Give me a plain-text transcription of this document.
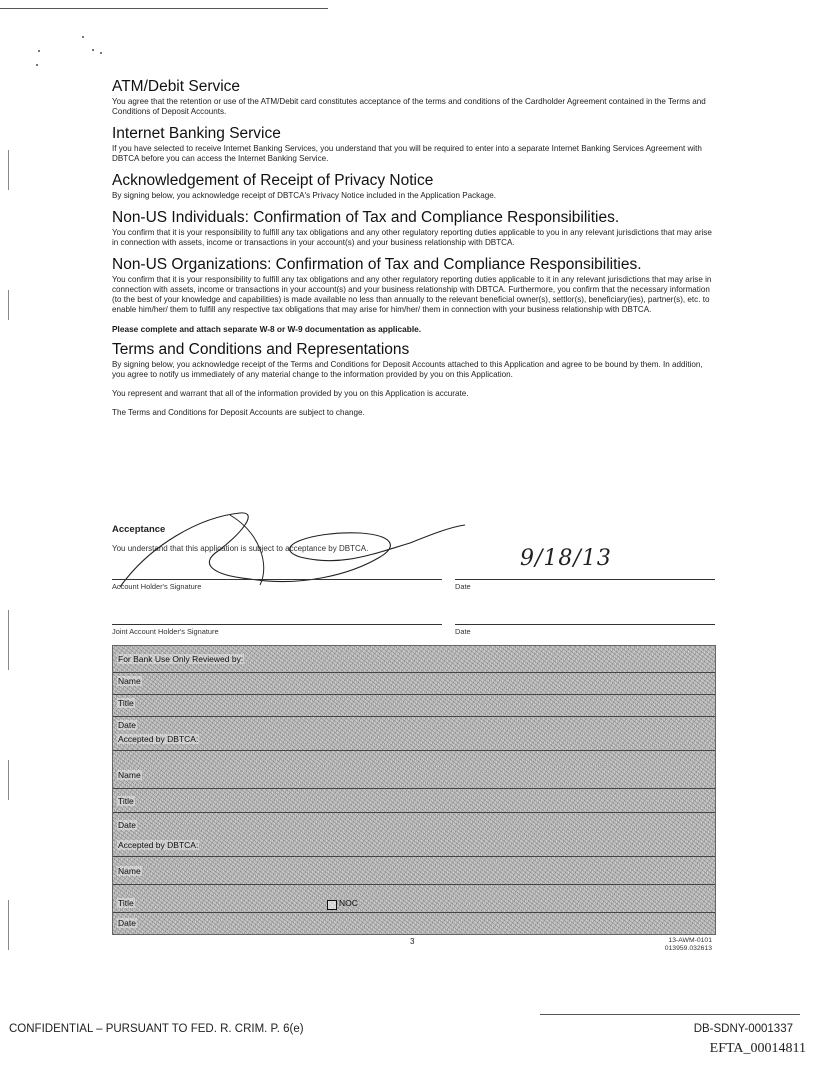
ATM/Debit Service
You agree that the retention or use of the ATM/Debit card constitutes acceptance of the terms and conditions of the Cardholder Agreement contained in the Terms and Conditions of Deposit Accounts.
Internet Banking Service
If you have selected to receive Internet Banking Services, you understand that you will be required to enter into a separate Internet Banking Services Agreement with DBTCA before you can access the Internet Banking Service.
Acknowledgement of Receipt of Privacy Notice
By signing below, you acknowledge receipt of DBTCA's Privacy Notice included in the Application Package.
Non-US Individuals: Confirmation of Tax and Compliance Responsibilities.
You confirm that it is your responsibility to fulfill any tax obligations and any other regulatory reporting duties applicable to you in any relevant jurisdictions that may arise in connection with assets, income or transactions in your account(s) and your business relationship with DBTCA.
Non-US Organizations: Confirmation of Tax and Compliance Responsibilities.
You confirm that it is your responsibility to fulfill any tax obligations and any other regulatory reporting duties applicable to it in any relevant jurisdictions that may arise in connection with assets, income or transactions in your account(s) and your business relationship with DBTCA. Furthermore, you confirm that the necessary information (to the best of your knowledge and capabilities) is made available no less than annually to the relevant beneficial owner(s), settlor(s), beneficiary(ies), partner(s), etc. to enable him/her/ them to fulfill any respective tax obligations that may arise for him/her/ them in connection with your business relationship with DBTCA.
Please complete and attach separate W-8 or W-9 documentation as applicable.
Terms and Conditions and Representations
By signing below, you acknowledge receipt of the Terms and Conditions for Deposit Accounts attached to this Application and agree to be bound by them. In addition, you agree to notify us immediately of any material change to the information provided by you on this Application.
You represent and warrant that all of the information provided by you on this Application is accurate.
The Terms and Conditions for Deposit Accounts are subject to change.
Acceptance
You understand that this application is subject to acceptance by DBTCA.
Account Holder's Signature	Date
9/18/13
Joint Account Holder's Signature	Date
For Bank Use Only Reviewed by:
Name
Title
Date
Accepted by DBTCA:
Name
Title
Date
Accepted by DBTCA:
Name
Title	NOC
Date
3	13-AWM-0101
013959.032613
CONFIDENTIAL – PURSUANT TO FED. R. CRIM. P. 6(e)	DB-SDNY-0001337
EFTA_00014811
